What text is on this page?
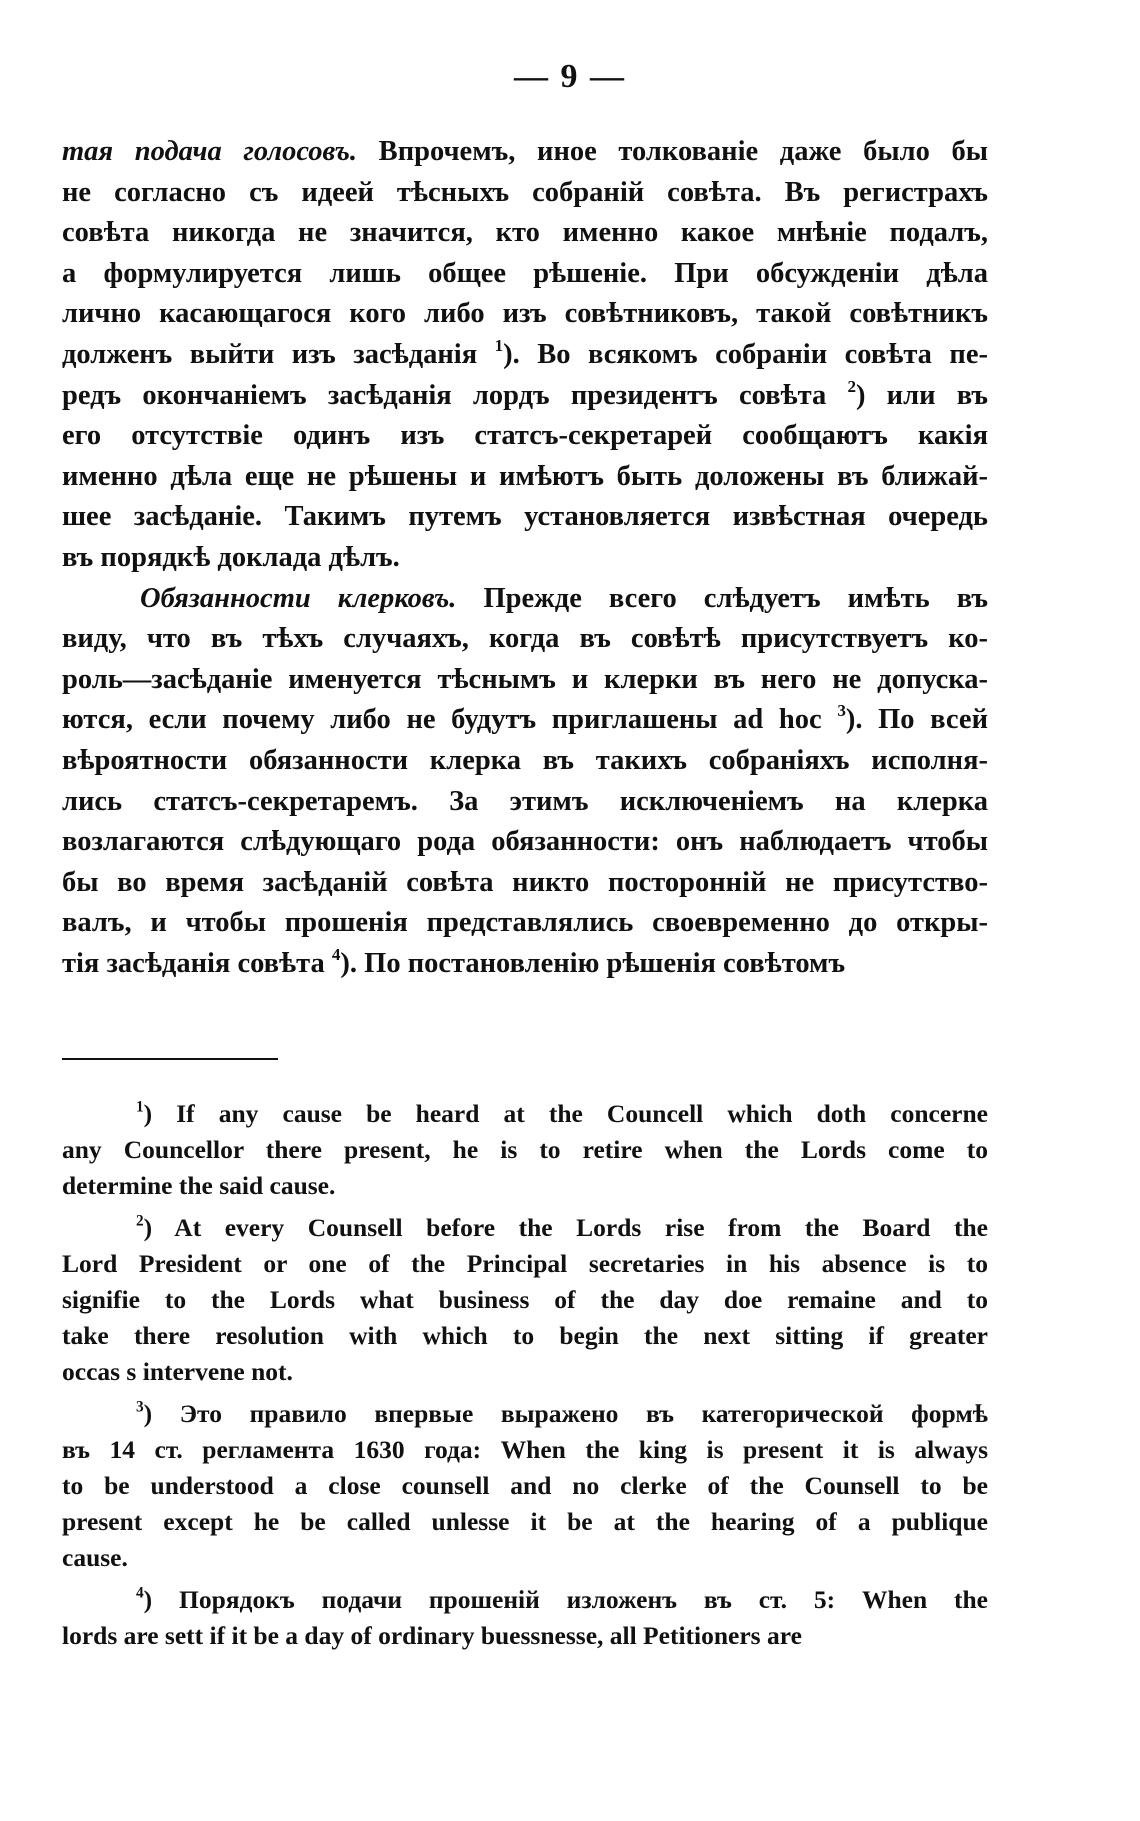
— 9 —
тая подача голосовъ. Впрочемъ, иное толкованіе даже было бы
не согласно съ идеей тѣсныхъ собраній совѣта. Въ регистрахъ
совѣта никогда не значится, кто именно какое мнѣніе подалъ,
а формулируется лишь общее рѣшеніе. При обсужденіи дѣла
лично касающагося кого либо изъ совѣтниковъ, такой совѣтникъ
долженъ выйти изъ засѣданія $^1$). Во всякомъ собраніи совѣта пе-
редъ окончаніемъ засѣданія лордъ президентъ совѣта $^2$) или въ
его отсутствіе одинъ изъ статсъ-секретарей сообщаютъ какія
именно дѣла еще не рѣшены и имѣютъ быть доложены въ ближай-
шее засѣданіе. Такимъ путемъ установляется извѣстная очередь
въ порядкѣ доклада дѣлъ.
Обязанности клерковъ. Прежде всего слѣдуетъ имѣть въ
виду, что въ тѣхъ случаяхъ, когда въ совѣтѣ присутствуетъ ко-
роль—засѣданіе именуется тѣснымъ и клерки въ него не допуска-
ются, если почему либо не будутъ приглашены ad hoc $^3$). По всей
вѣроятности обязанности клерка въ такихъ собраніяхъ исполня-
лись статсъ-секретаремъ. За этимъ исключеніемъ на клерка
возлагаются слѣдующаго рода обязанности: онъ наблюдаетъ чтобы
бы во время засѣданій совѣта никто посторонній не присутство-
валъ, и чтобы прошенія представлялись своевременно до откры-
тія засѣданія совѣта $^4$). По постановленію рѣшенія совѣтомъ
$^1$) If any cause be heard at the Councell which doth concerne
any Councellor there present, he is to retire when the Lords come to
determine the said cause.
$^2$) At every Counsell before the Lords rise from the Board the
Lord President or one of the Principal secretaries in his absence is to
signifie to the Lords what business of the day doe remaine and to
take there resolution with which to begin the next sitting if greater
occas s intervene not.
$^3$) Это правило впервые выражено въ категорической формѣ
въ 14 ст. регламента 1630 года: When the king is present it is always
to be understood a close counsell and no clerke of the Counsell to be
present except he be called unlesse it be at the hearing of a publique
cause.
$^4$) Порядокъ подачи прошеній изложенъ въ ст. 5: When the
lords are sett if it be a day of ordinary buessnesse, all Petitioners are
